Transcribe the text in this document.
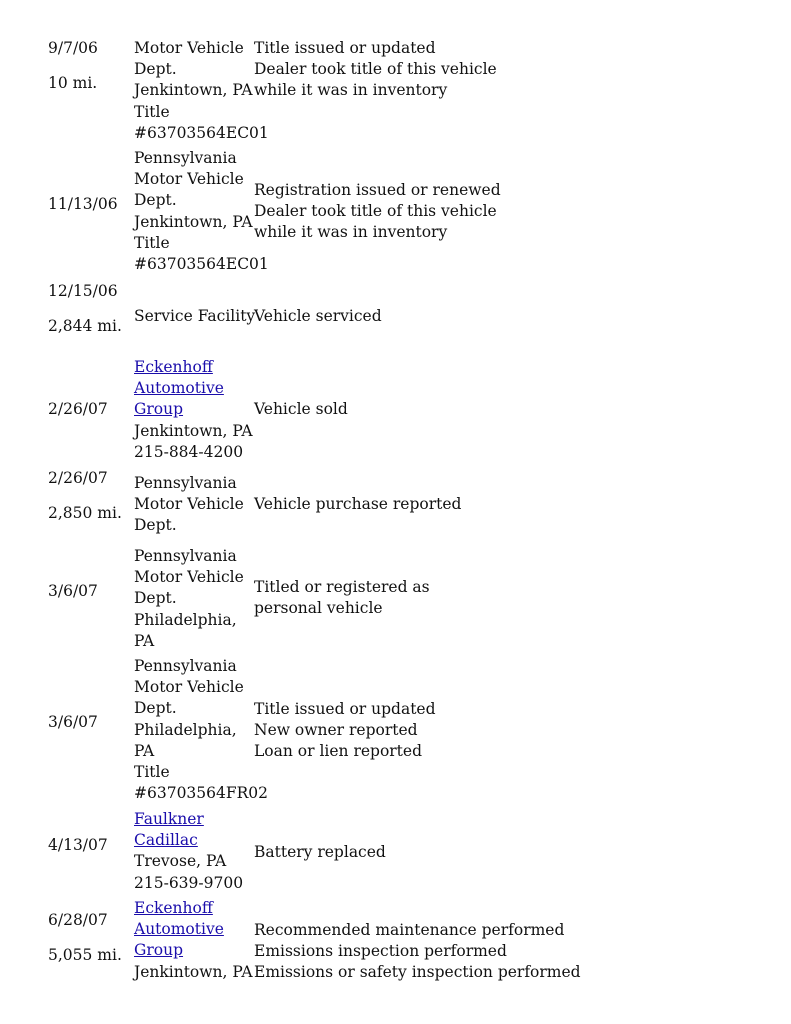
9/7/06
10 mi.
Motor Vehicle
Dept.
Jenkintown, PA
Title
#63703564EC01
Title issued or updated
Dealer took title of this vehicle
while it was in inventory
11/13/06
Pennsylvania
Motor Vehicle
Dept.
Jenkintown, PA
Title
#63703564EC01
Registration issued or renewed
Dealer took title of this vehicle
while it was in inventory
12/15/06
2,844 mi.
Service Facility
Vehicle serviced
2/26/07
Eckenhoff
Automotive
Group
Jenkintown, PA
215-884-4200
Vehicle sold
2/26/07
2,850 mi.
Pennsylvania
Motor Vehicle
Dept.
Vehicle purchase reported
3/6/07
Pennsylvania
Motor Vehicle
Dept.
Philadelphia,
PA
Titled or registered as
personal vehicle
3/6/07
Pennsylvania
Motor Vehicle
Dept.
Philadelphia,
PA
Title
#63703564FR02
Title issued or updated
New owner reported
Loan or lien reported
4/13/07
Faulkner
Cadillac
Trevose, PA
215-639-9700
Battery replaced
6/28/07
5,055 mi.
Eckenhoff
Automotive
Group
Jenkintown, PA
Recommended maintenance performed
Emissions inspection performed
Emissions or safety inspection performed
